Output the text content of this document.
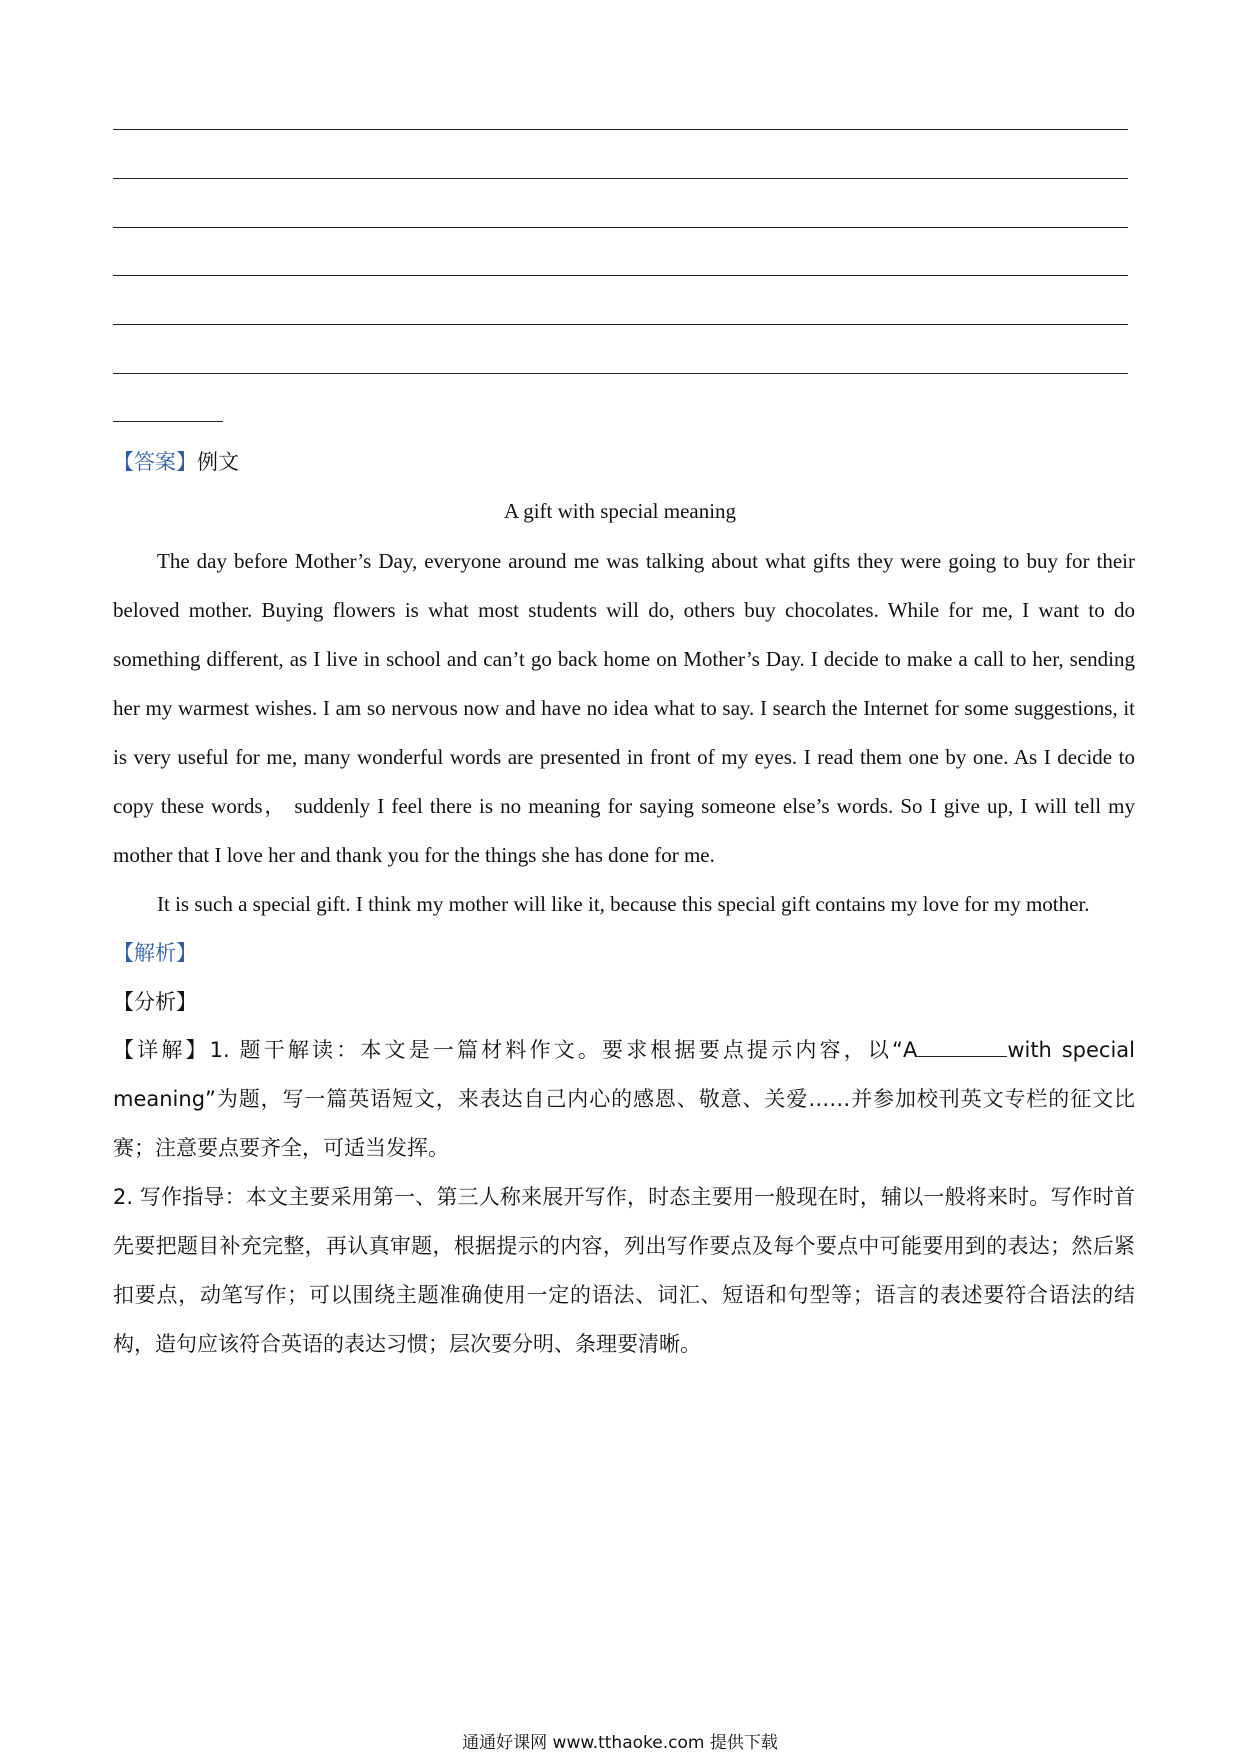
【答案】例文
A gift with special meaning

The day before Mother’s Day, everyone around me was talking about what gifts they were going to buy for their beloved mother. Buying flowers is what most students will do, others buy chocolates. While for me, I want to do something different, as I live in school and can’t go back home on Mother’s Day. I decide to make a call to her, sending her my warmest wishes. I am so nervous now and have no idea what to say. I search the Internet for some suggestions, it is very useful for me, many wonderful words are presented in front of my eyes. I read them one by one. As I decide to copy these words， suddenly I feel there is no meaning for saying someone else’s words. So I give up, I will tell my mother that I love her and thank you for the things she has done for me.

It is such a special gift. I think my mother will like it, because this special gift contains my love for my mother.

【解析】
【分析】

【详解】1. 题干解读：本文是一篇材料作文。要求根据要点提示内容，以“A	with special meaning”为题，写一篇英语短文，来表达自己内心的感恩、敬意、关爱……并参加校刊英文专栏的征文比赛；注意要点要齐全，可适当发挥。

2. 写作指导：本文主要采用第一、第三人称来展开写作，时态主要用一般现在时，辅以一般将来时。写作时首先要把题目补充完整，再认真审题，根据提示的内容，列出写作要点及每个要点中可能要用到的表达；然后紧扣要点，动笔写作；可以围绕主题准确使用一定的语法、词汇、短语和句型等；语言的表述要符合语法的结构，造句应该符合英语的表达习惯；层次要分明、条理要清晰。

通通好课网 www.tthaoke.com 提供下载
